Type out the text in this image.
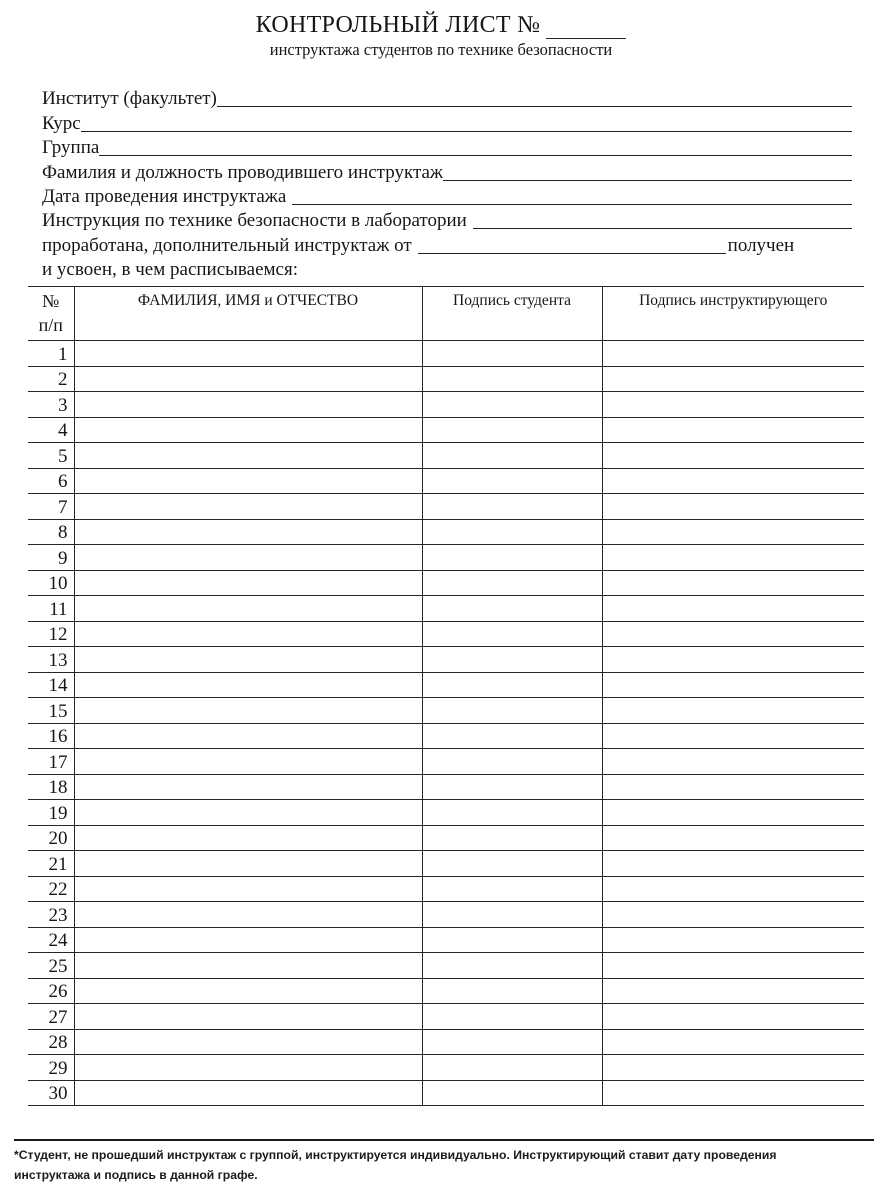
КОНТРОЛЬНЫЙ ЛИСТ №
инструктажа студентов по технике безопасности
Институт (факультет)
Курс
Группа
Фамилия и должность проводившего инструктаж
Дата проведения инструктажа
Инструкция по технике безопасности в лаборатории
проработана, дополнительный инструктаж от	получен
и усвоен, в чем расписываемся:
№
п/п	ФАМИЛИЯ, ИМЯ и ОТЧЕСТВО	Подпись студента	Подпись инструктирующего
1			
2			
3			
4			
5			
6			
7			
8			
9			
10			
11			
12			
13			
14			
15			
16			
17			
18			
19			
20			
21			
22			
23			
24			
25			
26			
27			
28			
29			
30			
*Студент, не прошедший инструктаж с группой, инструктируется индивидуально. Инструктирующий ставит дату проведения
инструктажа и подпись в данной графе.
